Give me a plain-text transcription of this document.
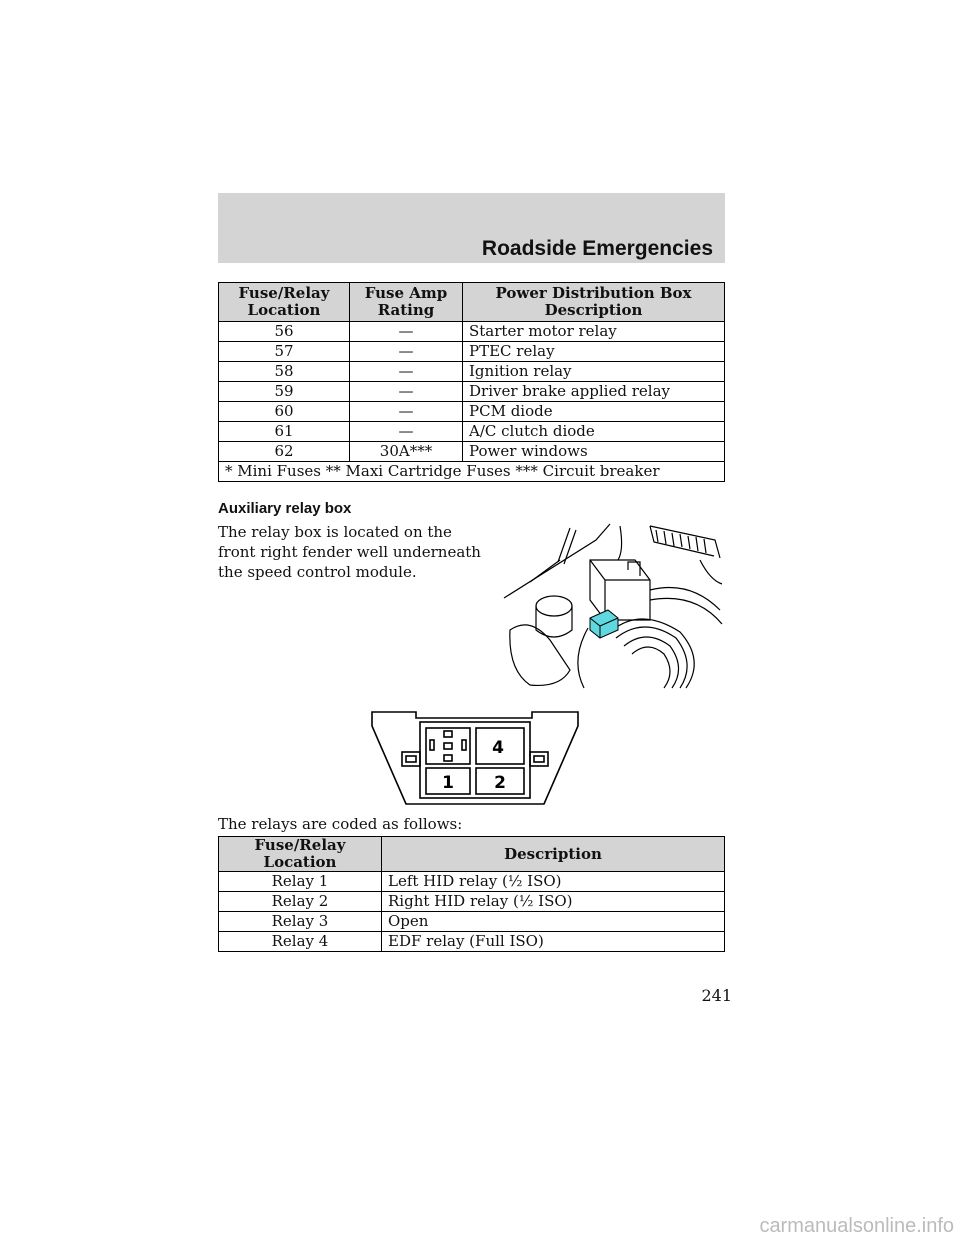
Roadside Emergencies
Fuse/Relay Location	Fuse Amp Rating	Power Distribution Box Description
56	—	Starter motor relay
57	—	PTEC relay
58	—	Ignition relay
59	—	Driver brake applied relay
60	—	PCM diode
61	—	A/C clutch diode
62	30A***	Power windows
* Mini Fuses ** Maxi Cartridge Fuses *** Circuit breaker		
Auxiliary relay box
The relay box is located on the front right fender well underneath the speed control module.
4
1 2
The relays are coded as follows:
Fuse/Relay Location	Description
Relay 1	Left HID relay (½ ISO)
Relay 2	Right HID relay (½ ISO)
Relay 3	Open
Relay 4	EDF relay (Full ISO)
241
carmanualsonline.info
